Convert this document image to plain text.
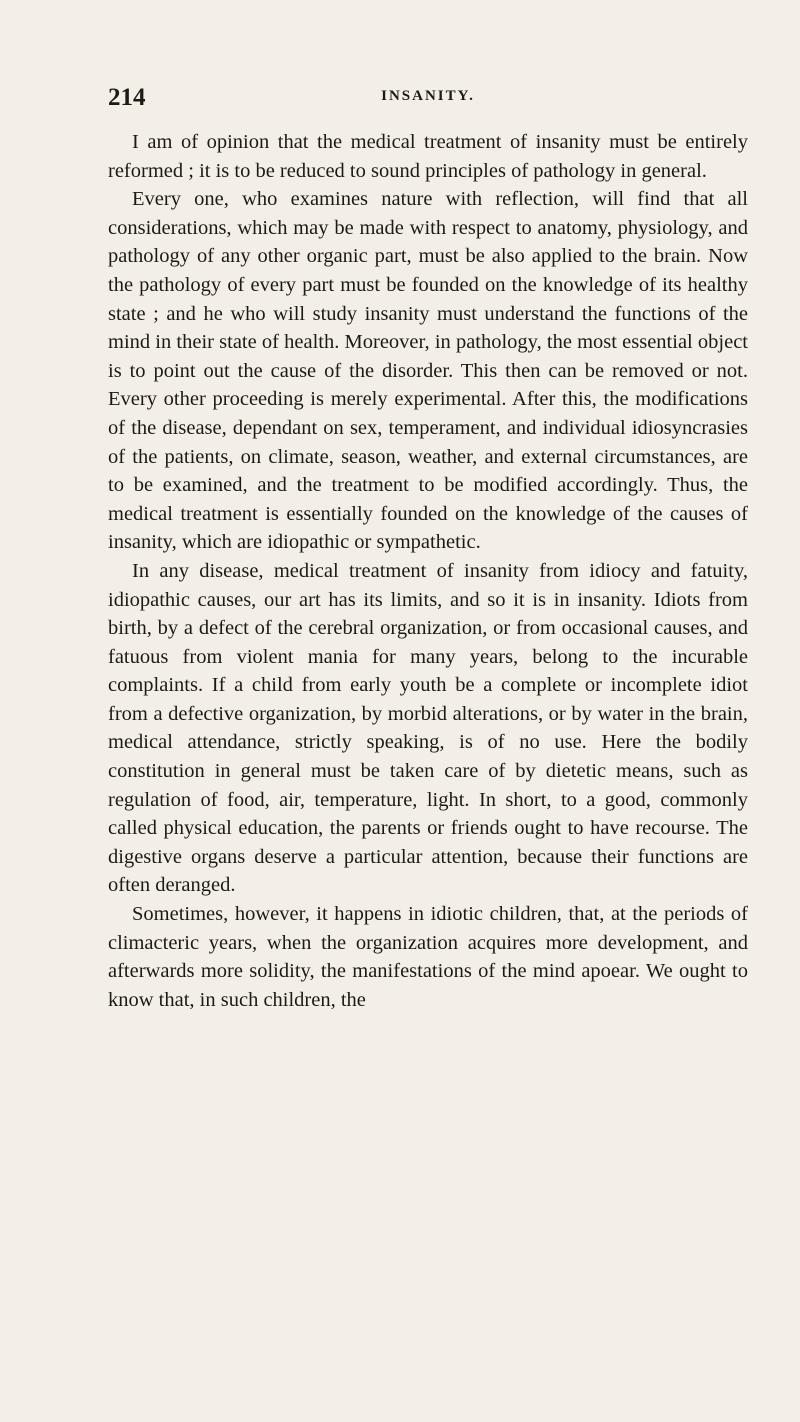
214	INSANITY.

I am of opinion that the medical treatment of insanity must be entirely reformed ; it is to be reduced to sound principles of pathology in general.

Every one, who examines nature with reflection, will find that all considerations, which may be made with respect to anatomy, physiology, and pathology of any other organic part, must be also applied to the brain. Now the pathology of every part must be founded on the knowledge of its healthy state ; and he who will study insanity must understand the functions of the mind in their state of health. Moreover, in pathology, the most essential object is to point out the cause of the disorder. This then can be removed or not. Every other proceeding is merely experimental. After this, the modifications of the disease, dependant on sex, temperament, and individual idiosyncrasies of the patients, on climate, season, weather, and external circumstances, are to be examined, and the treatment to be modified accordingly. Thus, the medical treatment is essentially founded on the knowledge of the causes of insanity, which are idiopathic or sympathetic.

In any disease, medical treatment of insanity from idiocy and fatuity, idiopathic causes, our art has its limits, and so it is in insanity. Idiots from birth, by a defect of the cerebral organization, or from occasional causes, and fatuous from violent mania for many years, belong to the incurable complaints. If a child from early youth be a complete or incomplete idiot from a defective organization, by morbid alterations, or by water in the brain, medical attendance, strictly speaking, is of no use. Here the bodily constitution in general must be taken care of by dietetic means, such as regulation of food, air, temperature, light. In short, to a good, commonly called physical education, the parents or friends ought to have recourse. The digestive organs deserve a particular attention, because their functions are often deranged.

Sometimes, however, it happens in idiotic children, that, at the periods of climacteric years, when the organization acquires more development, and afterwards more solidity, the manifestations of the mind apoear. We ought to know that, in such children, the
